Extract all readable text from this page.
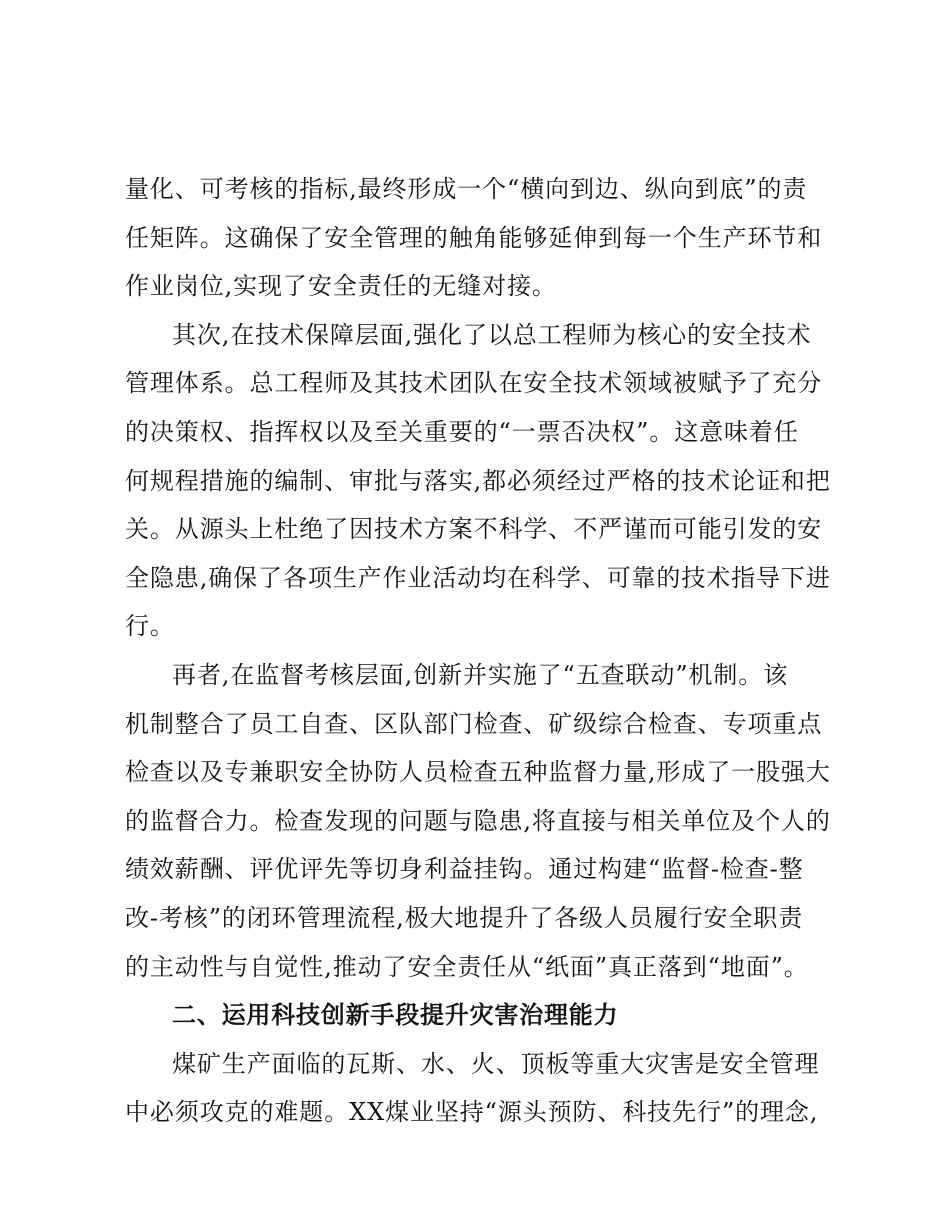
量化、可考核的指标,最终形成一个“横向到边、纵向到底”的责
任矩阵。这确保了安全管理的触角能够延伸到每一个生产环节和
作业岗位,实现了安全责任的无缝对接。
其次,在技术保障层面,强化了以总工程师为核心的安全技术
管理体系。总工程师及其技术团队在安全技术领域被赋予了充分
的决策权、指挥权以及至关重要的“一票否决权”。这意味着任
何规程措施的编制、审批与落实,都必须经过严格的技术论证和把
关。从源头上杜绝了因技术方案不科学、不严谨而可能引发的安
全隐患,确保了各项生产作业活动均在科学、可靠的技术指导下进
行。
再者,在监督考核层面,创新并实施了“五查联动”机制。该
机制整合了员工自查、区队部门检查、矿级综合检查、专项重点
检查以及专兼职安全协防人员检查五种监督力量,形成了一股强大
的监督合力。检查发现的问题与隐患,将直接与相关单位及个人的
绩效薪酬、评优评先等切身利益挂钩。通过构建“监督-检查-整
改-考核”的闭环管理流程,极大地提升了各级人员履行安全职责
的主动性与自觉性,推动了安全责任从“纸面”真正落到“地面”。
二、运用科技创新手段提升灾害治理能力
煤矿生产面临的瓦斯、水、火、顶板等重大灾害是安全管理
中必须攻克的难题。XX煤业坚持“源头预防、科技先行”的理念,
